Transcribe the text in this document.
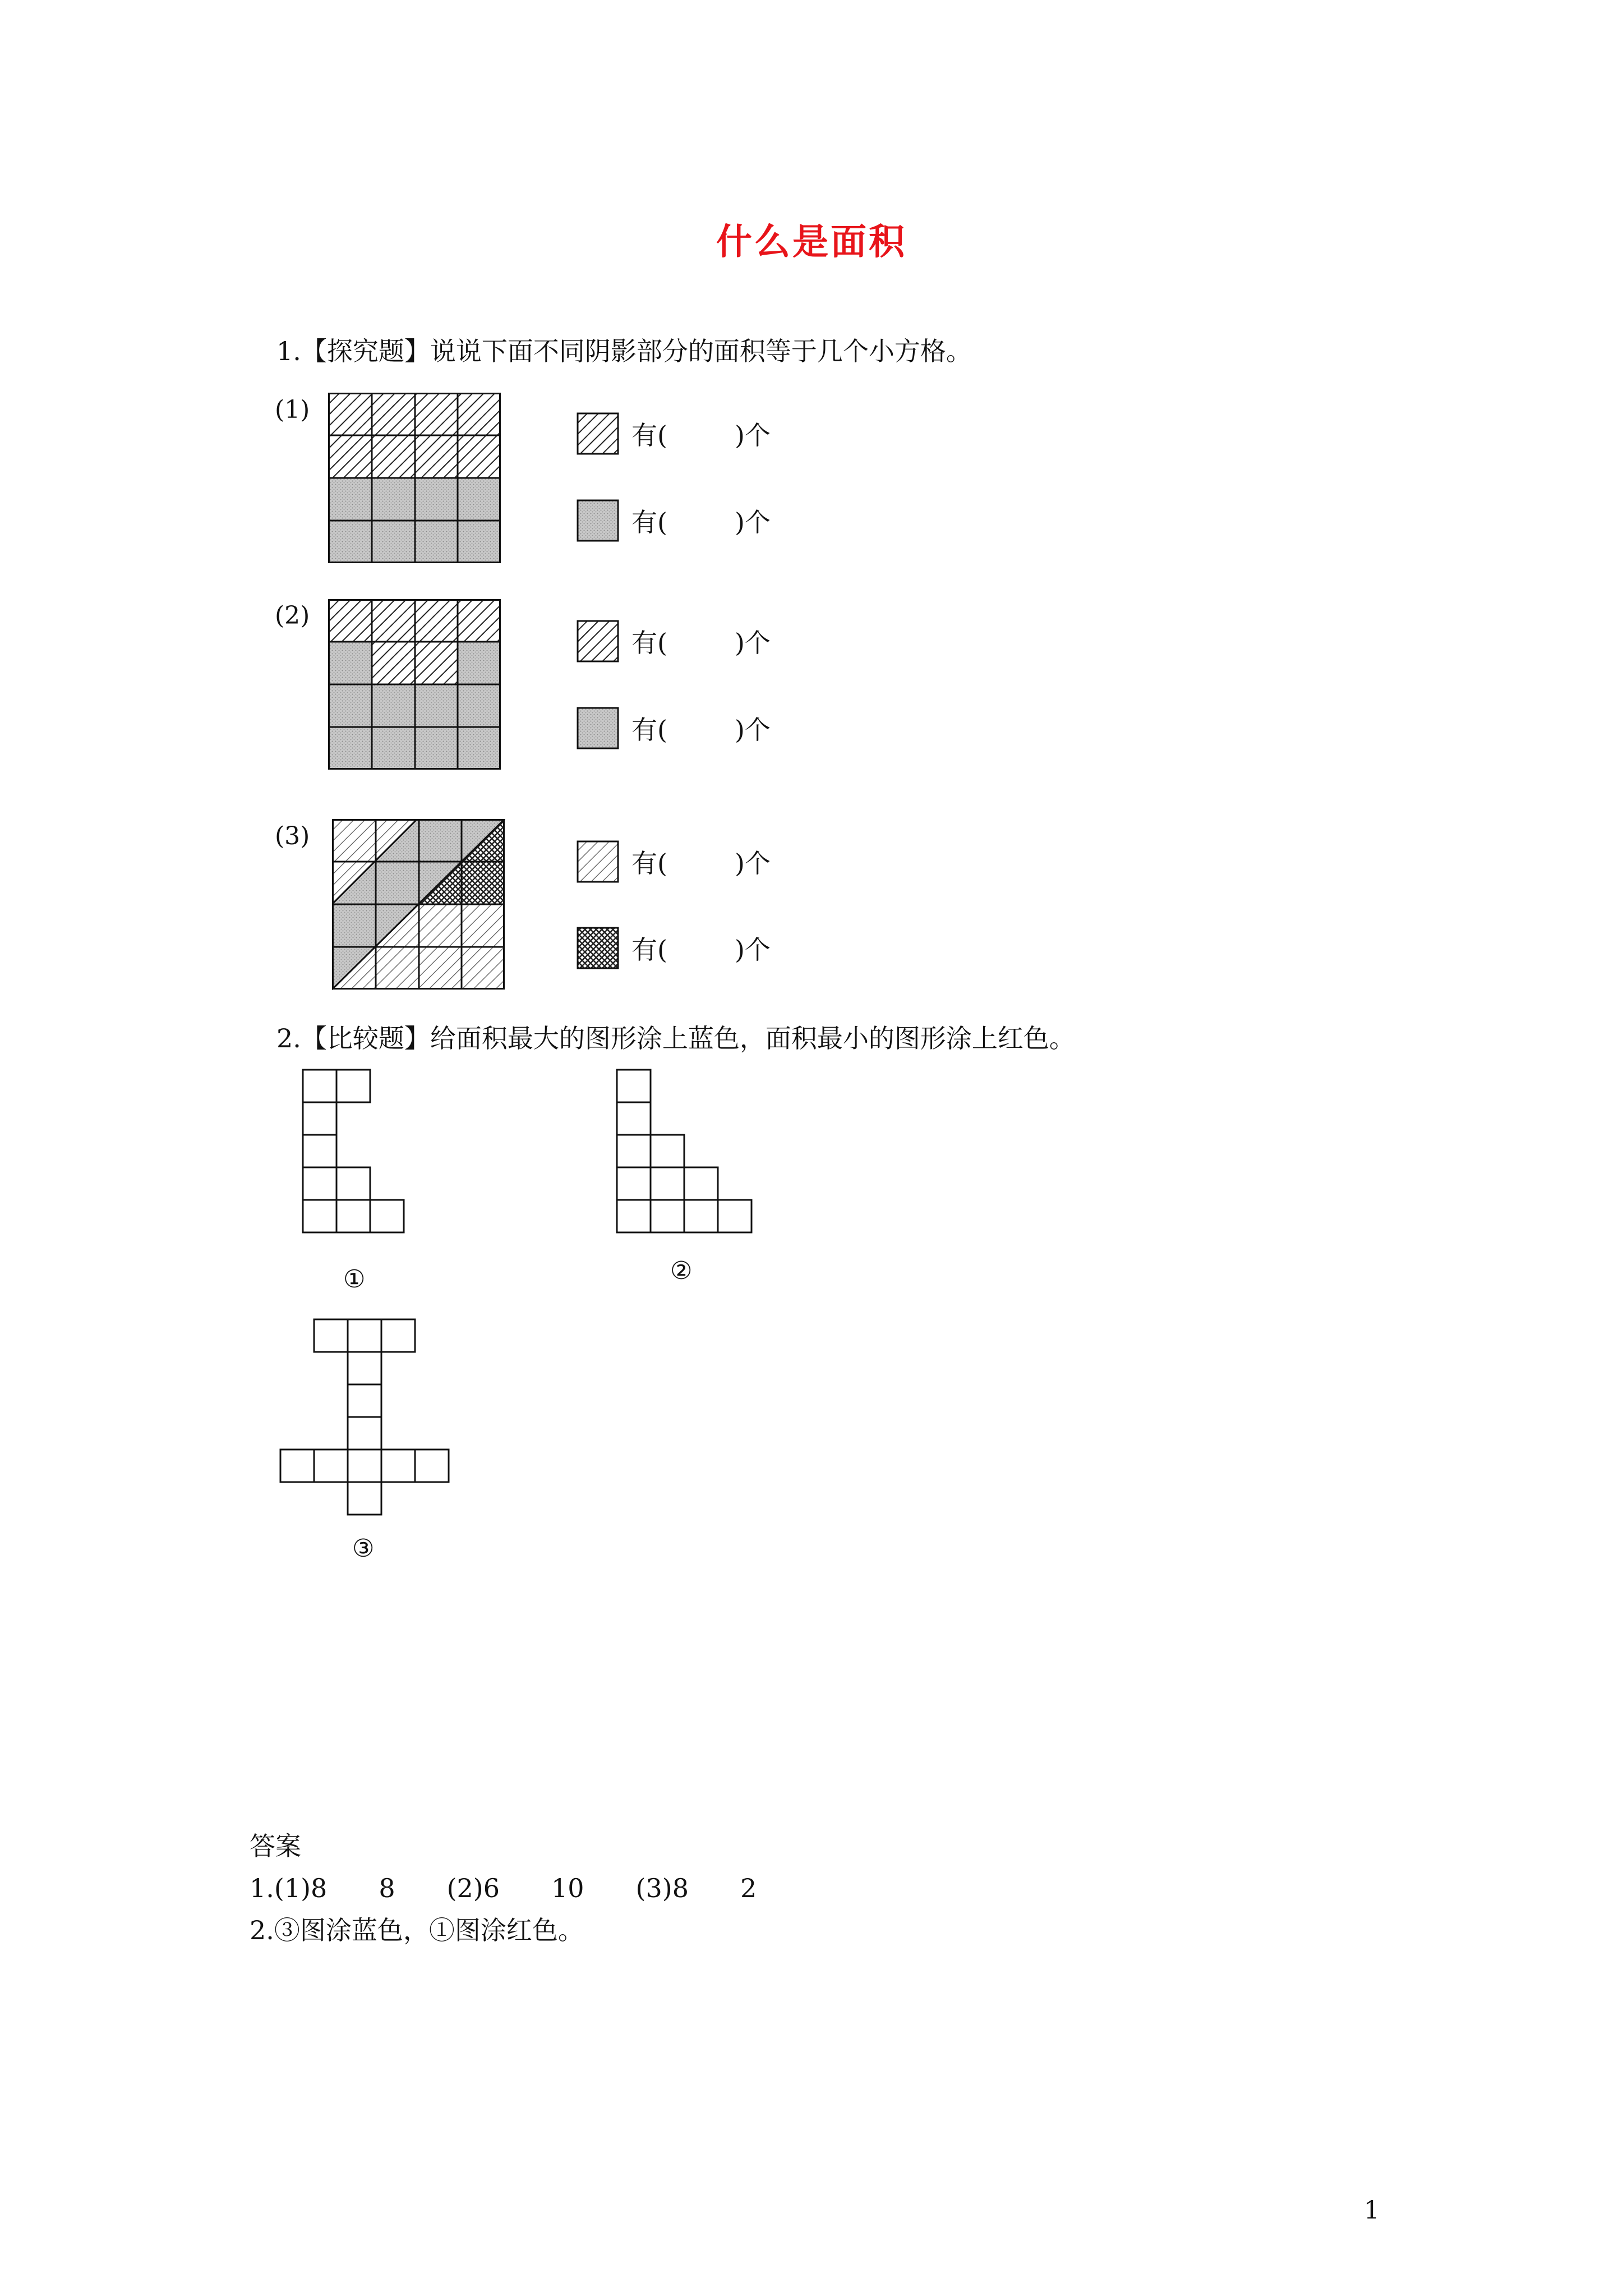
什么是面积
1.【探究题】说说下面不同阴影部分的面积等于几个小方格。
(1)
有(	)个
有(	)个
(2)
有(	)个
有(	)个
(3)
有(	)个
有(	)个
2.【比较题】给面积最大的图形涂上蓝色，面积最小的图形涂上红色。
①	②
③
答案
1.(1)8　　8　　(2)6　　10　　(3)8　　2
2.③图涂蓝色，①图涂红色。
1
